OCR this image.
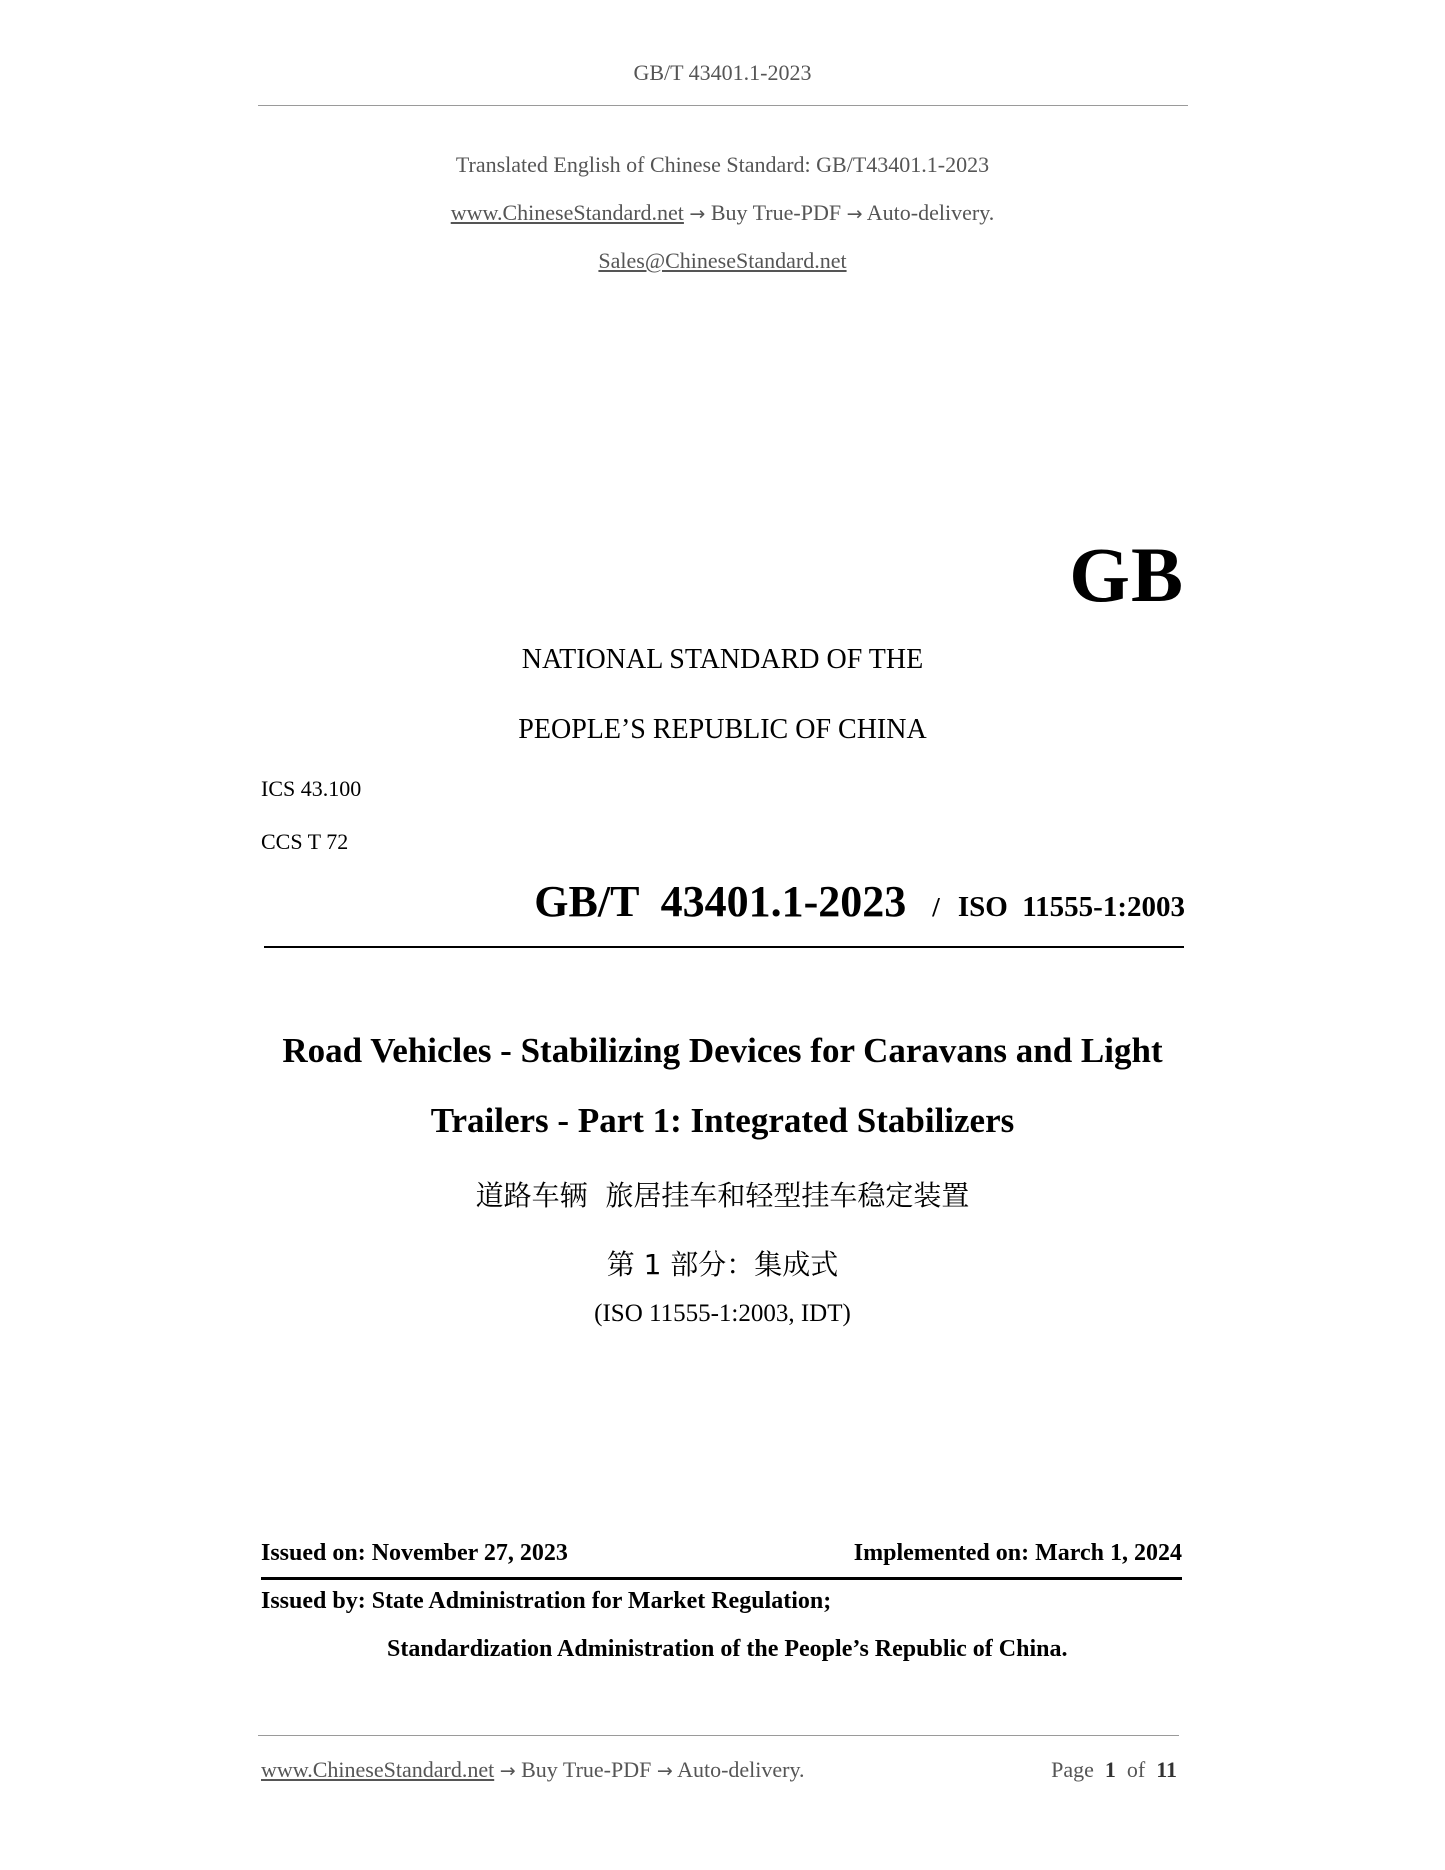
GB/T 43401.1-2023
Translated English of Chinese Standard: GB/T43401.1-2023
www.ChineseStandard.net → Buy True-PDF → Auto-delivery.
Sales@ChineseStandard.net
GB
NATIONAL STANDARD OF THE
PEOPLE’S REPUBLIC OF CHINA
ICS 43.100
CCS T 72
GB/T  43401.1-2023 / ISO  11555-1:2003
Road Vehicles - Stabilizing Devices for Caravans and Light
Trailers - Part 1: Integrated Stabilizers
道路车辆  旅居挂车和轻型挂车稳定装置
第 1 部分：集成式
(ISO 11555-1:2003, IDT)
Issued on: November 27, 2023	Implemented on: March 1, 2024
Issued by: State Administration for Market Regulation;
Standardization Administration of the People’s Republic of China.
www.ChineseStandard.net → Buy True-PDF → Auto-delivery.	Page 1 of 11
